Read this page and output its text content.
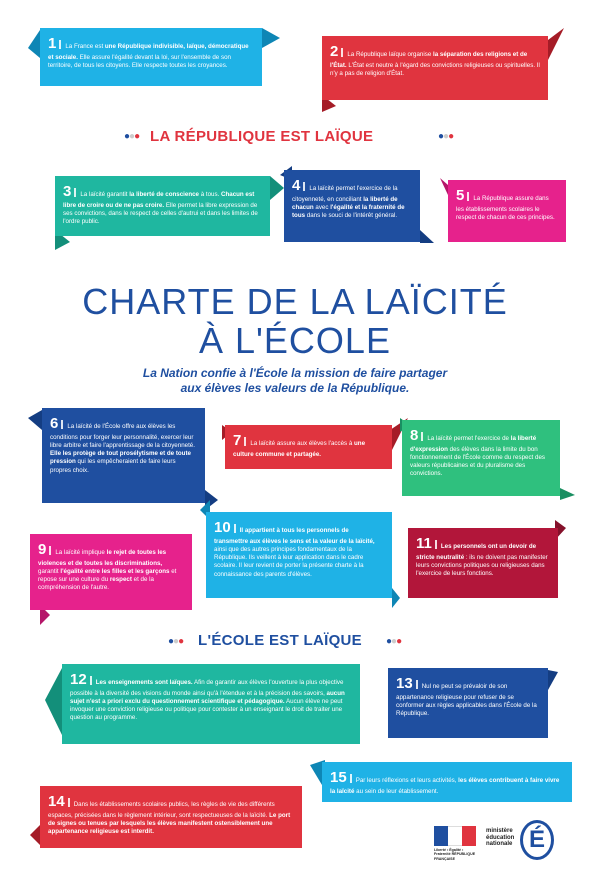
1 La France est une République indivisible, laïque, démocratique et sociale. Elle assure l'égalité devant la loi, sur l'ensemble de son territoire, de tous les citoyens. Elle respecte toutes les croyances.
2 La République laïque organise la séparation des religions et de l'État. L'État est neutre à l'égard des convictions religieuses ou spirituelles. Il n'y a pas de religion d'État.
●●● LA RÉPUBLIQUE EST LAÏQUE	●●●
3 La laïcité garantit la liberté de conscience à tous. Chacun est libre de croire ou de ne pas croire. Elle permet la libre expression de ses convictions, dans le respect de celles d'autrui et dans les limites de l'ordre public.
4 La laïcité permet l'exercice de la citoyenneté, en conciliant la liberté de chacun avec l'égalité et la fraternité de tous dans le souci de l'intérêt général.
5 La République assure dans les établissements scolaires le respect de chacun de ces principes.
CHARTE DE LA LAÏCITÉ
À L'ÉCOLE
La Nation confie à l'École la mission de faire partager
aux élèves les valeurs de la République.
6 La laïcité de l'École offre aux élèves les conditions pour forger leur personnalité, exercer leur libre arbitre et faire l'apprentissage de la citoyenneté. Elle les protège de tout prosélytisme et de toute pression qui les empêcheraient de faire leurs propres choix.
7 La laïcité assure aux élèves l'accès à une culture commune et partagée.
8 La laïcité permet l'exercice de la liberté d'expression des élèves dans la limite du bon fonctionnement de l'École comme du respect des valeurs républicaines et du pluralisme des convictions.
9 La laïcité implique le rejet de toutes les violences et de toutes les discriminations, garantit l'égalité entre les filles et les garçons et repose sur une culture du respect et de la compréhension de l'autre.
10 Il appartient à tous les personnels de transmettre aux élèves le sens et la valeur de la laïcité, ainsi que des autres principes fondamentaux de la République. Ils veillent à leur application dans le cadre scolaire. Il leur revient de porter la présente charte à la connaissance des parents d'élèves.
11 Les personnels ont un devoir de stricte neutralité : ils ne doivent pas manifester leurs convictions politiques ou religieuses dans l'exercice de leurs fonctions.
●●● L'ÉCOLE EST LAÏQUE ●●●
12 Les enseignements sont laïques. Afin de garantir aux élèves l'ouverture la plus objective possible à la diversité des visions du monde ainsi qu'à l'étendue et à la précision des savoirs, aucun sujet n'est a priori exclu du questionnement scientifique et pédagogique. Aucun élève ne peut invoquer une conviction religieuse ou politique pour contester à un enseignant le droit de traiter une question au programme.
13 Nul ne peut se prévaloir de son appartenance religieuse pour refuser de se conformer aux règles applicables dans l'École de la République.
15 Par leurs réflexions et leurs activités, les élèves contribuent à faire vivre la laïcité au sein de leur établissement.
14 Dans les établissements scolaires publics, les règles de vie des différents espaces, précisées dans le règlement intérieur, sont respectueuses de la laïcité. Le port de signes ou tenues par lesquels les élèves manifestent ostensiblement une appartenance religieuse est interdit.
Liberté • Égalité • Fraternité RÉPUBLIQUE FRANÇAISE
ministère éducation nationale É
